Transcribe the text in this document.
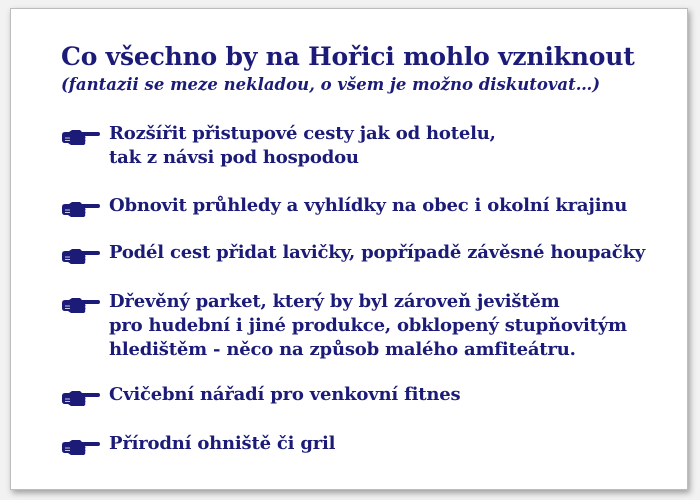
Co všechno by na Hořici mohlo vzniknout

(fantazii se meze nekladou, o všem je možno diskutovat…)

Rozšířit přistupové cesty jak od hotelu,
tak z návsi pod hospodou

Obnovit průhledy a vyhlídky na obec i okolní krajinu

Podél cest přidat lavičky, popřípadě závěsné houpačky

Dřevěný parket, který by byl zároveň jevištěm
pro hudební i jiné produkce, obklopený stupňovitým
hledištěm - něco na způsob malého amfiteátru.

Cvičební nářadí pro venkovní fitnes

Přírodní ohniště či gril
